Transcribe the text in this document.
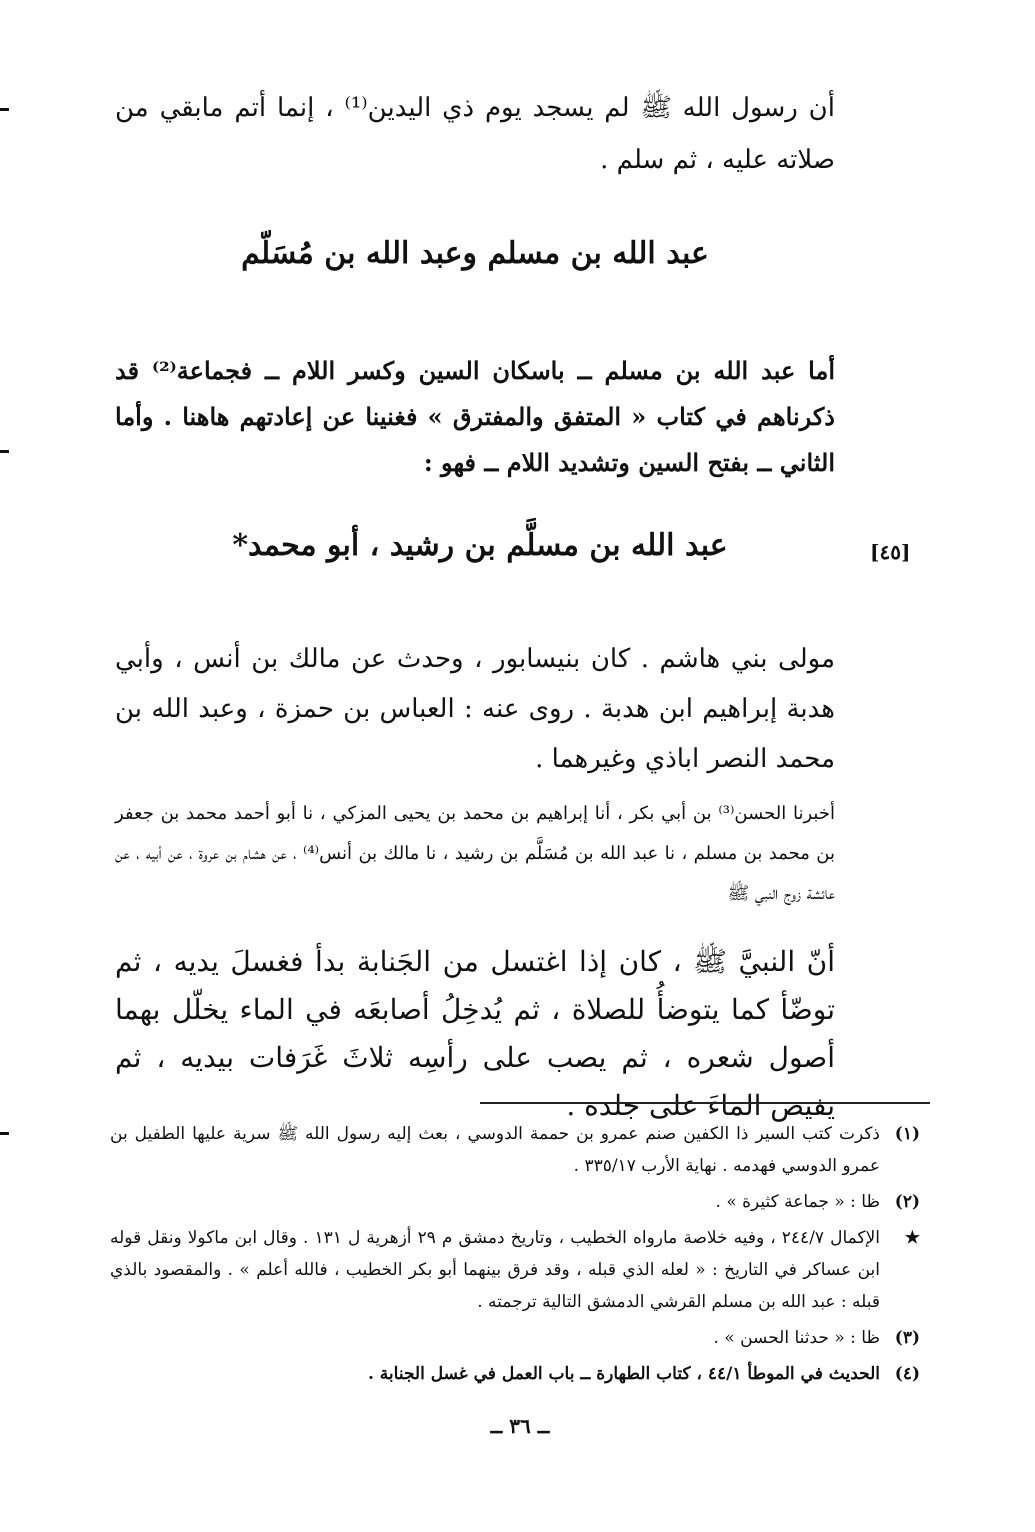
أن رسول الله ﷺ لم يسجد يوم ذي اليدين⁽¹⁾ ، إنما أتم مابقي من صلاته عليه ، ثم سلم .
عبد الله بن مسلم وعبد الله بن مُسَلّم
أما عبد الله بن مسلم ــ باسكان السين وكسر اللام ــ فجماعة⁽²⁾ قد ذكرناهم في كتاب « المتفق والمفترق » فغنينا عن إعادتهم هاهنا . وأما الثاني ــ بفتح السين وتشديد اللام ــ فهو :
عبد الله بن مسلَّم بن رشيد ، أبو محمد*	[٤٥]
مولى بني هاشم . كان بنيسابور ، وحدث عن مالك بن أنس ، وأبي هدبة إبراهيم ابن هدبة . روى عنه : العباس بن حمزة ، وعبد الله بن محمد النصر اباذي وغيرهما .
أخبرنا الحسن⁽³⁾ بن أبي بكر ، أنا إبراهيم بن محمد بن يحيى المزكي ، نا أبو أحمد محمد بن جعفر بن محمد بن مسلم ، نا عبد الله بن مُسَلَّم بن رشيد ، نا مالك بن أنس⁽⁴⁾ ، عن هشام بن عروة ، عن أبيه ، عن عائشة زوج النبي ﷺ
أنّ النبيَّ ﷺ ، كان إذا اغتسل من الجَنابة بدأ فغسلَ يديه ، ثم توضّأ كما يتوضأُ للصلاة ، ثم يُدخِلُ أصابعَه في الماء يخلّل بهما أصول شعره ، ثم يصب على رأسِه ثلاثَ غَرَفات بيديه ، ثم يفيض الماءَ على جلده .
(١)
ذكرت كتب السير ذا الكفين صنم عمرو بن حممة الدوسي ، بعث إليه رسول الله ﷺ سرية عليها الطفيل بن عمرو الدوسي فهدمه . نهاية الأرب ٣٣٥/١٧ .
(٢)
ظا : « جماعة كثيرة » .
★
الإكمال ٢٤٤/٧ ، وفيه خلاصة مارواه الخطيب ، وتاريخ دمشق م ٢٩ أزهرية ل ١٣١ . وقال ابن ماكولا ونقل قوله ابن عساكر في التاريخ : « لعله الذي قبله ، وقد فرق بينهما أبو بكر الخطيب ، فالله أعلم » . والمقصود بالذي قبله : عبد الله بن مسلم القرشي الدمشق التالية ترجمته .
(٣)
ظا : « حدثنا الحسن » .
(٤)
الحديث في الموطأ ٤٤/١ ، كتاب الطهارة ــ باب العمل في غسل الجنابة .
ــ ٣٦ ــ
